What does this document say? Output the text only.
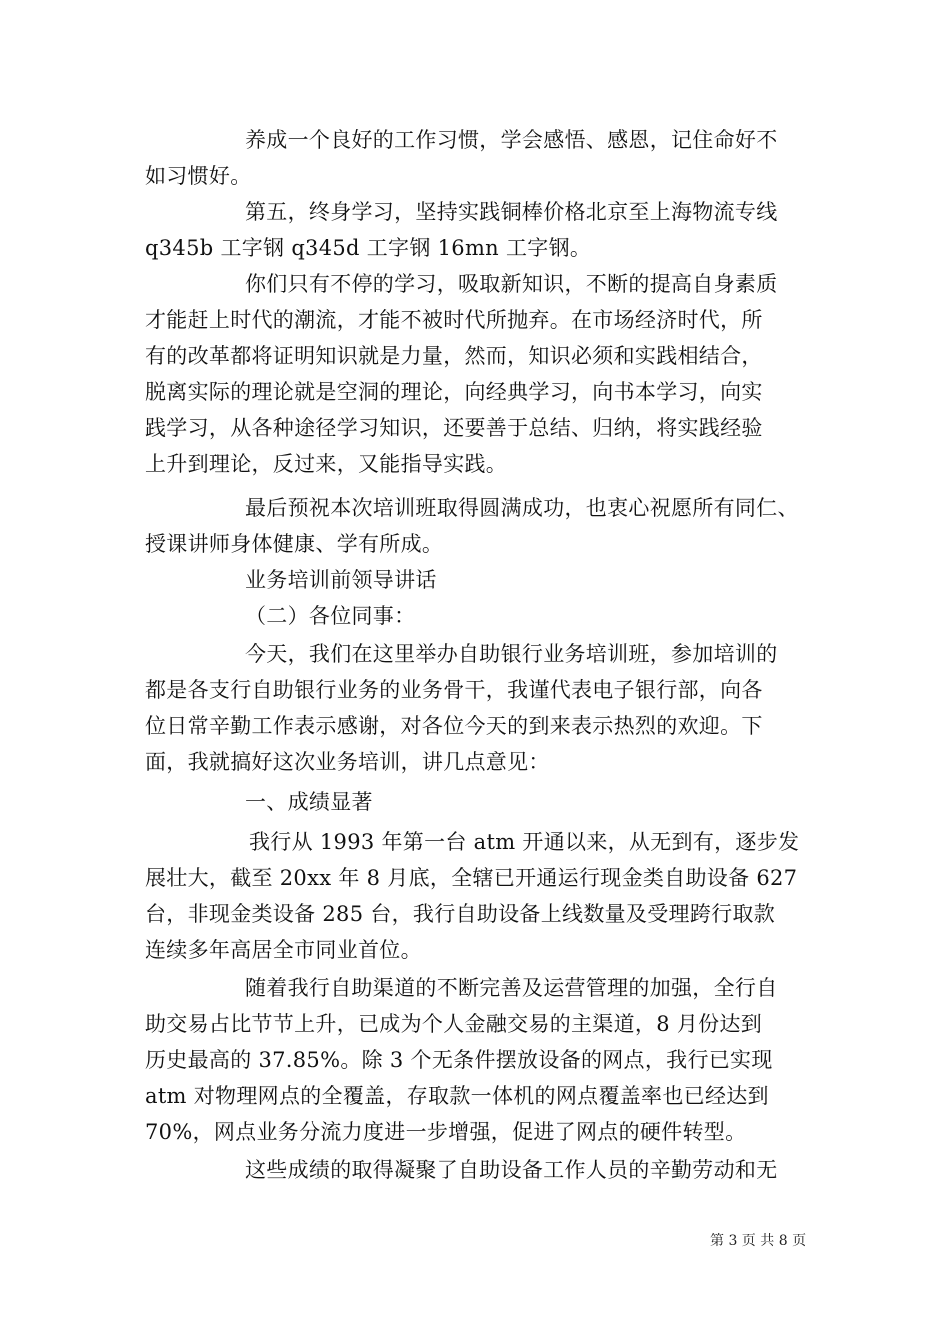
养成一个良好的工作习惯，学会感悟、感恩，记住命好不
如习惯好。
第五，终身学习，坚持实践铜棒价格北京至上海物流专线
q345b 工字钢 q345d 工字钢 16mn 工字钢。
你们只有不停的学习，吸取新知识，不断的提高自身素质
才能赶上时代的潮流，才能不被时代所抛弃。在市场经济时代，所
有的改革都将证明知识就是力量，然而，知识必须和实践相结合，
脱离实际的理论就是空洞的理论，向经典学习，向书本学习，向实
践学习，从各种途径学习知识，还要善于总结、归纳，将实践经验
上升到理论，反过来，又能指导实践。
最后预祝本次培训班取得圆满成功，也衷心祝愿所有同仁、
授课讲师身体健康、学有所成。
业务培训前领导讲话
（二）各位同事：
今天，我们在这里举办自助银行业务培训班，参加培训的
都是各支行自助银行业务的业务骨干，我谨代表电子银行部，向各
位日常辛勤工作表示感谢，对各位今天的到来表示热烈的欢迎。下
面，我就搞好这次业务培训，讲几点意见：
一、成绩显著
我行从 1993 年第一台 atm 开通以来，从无到有，逐步发
展壮大，截至 20xx 年 8 月底，全辖已开通运行现金类自助设备 627
台，非现金类设备 285 台，我行自助设备上线数量及受理跨行取款
连续多年高居全市同业首位。
随着我行自助渠道的不断完善及运营管理的加强，全行自
助交易占比节节上升，已成为个人金融交易的主渠道，8 月份达到
历史最高的 37.85%。除 3 个无条件摆放设备的网点，我行已实现
atm 对物理网点的全覆盖，存取款一体机的网点覆盖率也已经达到
70%，网点业务分流力度进一步增强，促进了网点的硬件转型。
这些成绩的取得凝聚了自助设备工作人员的辛勤劳动和无
第 3 页 共 8 页
